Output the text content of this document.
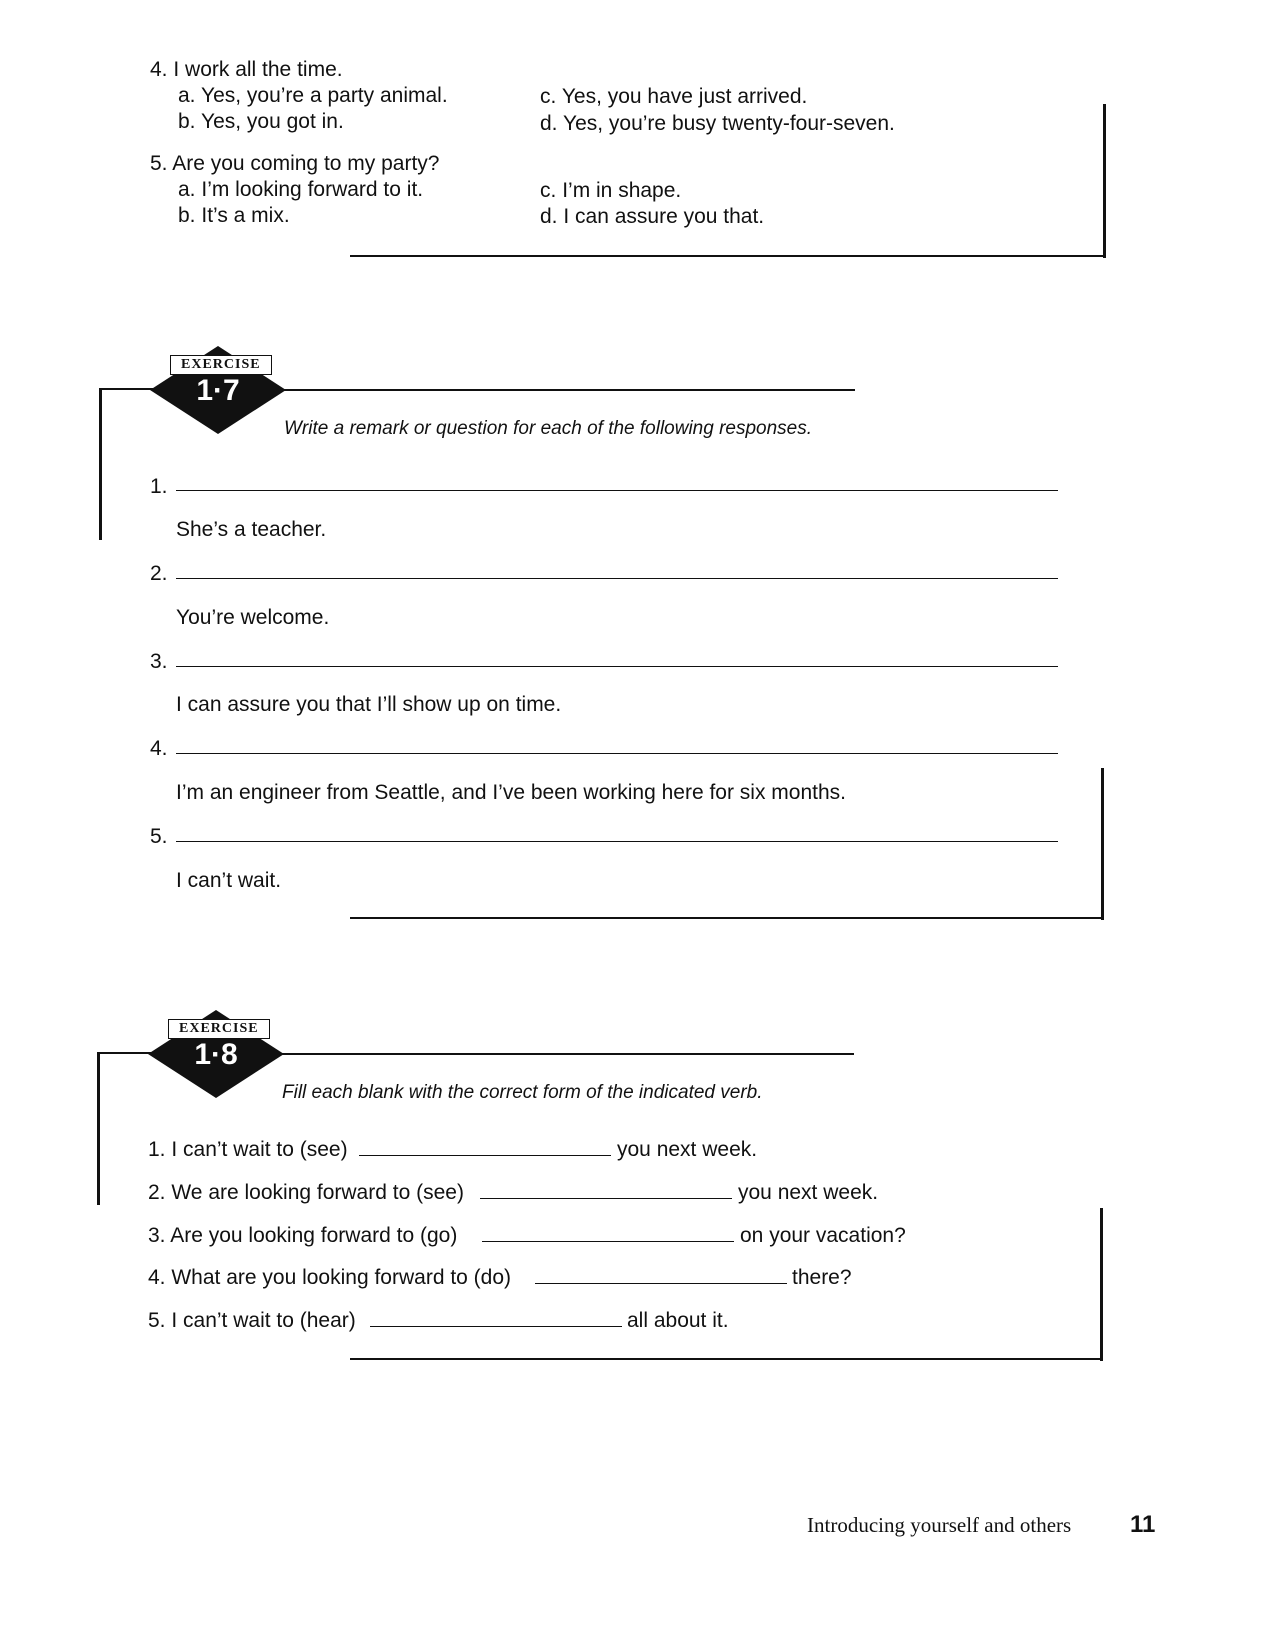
4. I work all the time.
a. Yes, you’re a party animal.
b. Yes, you got in.
c. Yes, you have just arrived.
d. Yes, you’re busy twenty-four-seven.
5. Are you coming to my party?
a. I’m looking forward to it.
b. It’s a mix.
c. I’m in shape.
d. I can assure you that.
EXERCISE
1·7
Write a remark or question for each of the following responses.
1.
She’s a teacher.
2.
You’re welcome.
3.
I can assure you that I’ll show up on time.
4.
I’m an engineer from Seattle, and I’ve been working here for six months.
5.
I can’t wait.
EXERCISE
1·8
Fill each blank with the correct form of the indicated verb.
1. I can’t wait to (see)	you next week.
2. We are looking forward to (see)	you next week.
3. Are you looking forward to (go)	on your vacation?
4. What are you looking forward to (do)	there?
5. I can’t wait to (hear)	all about it.
Introducing yourself and others 11
